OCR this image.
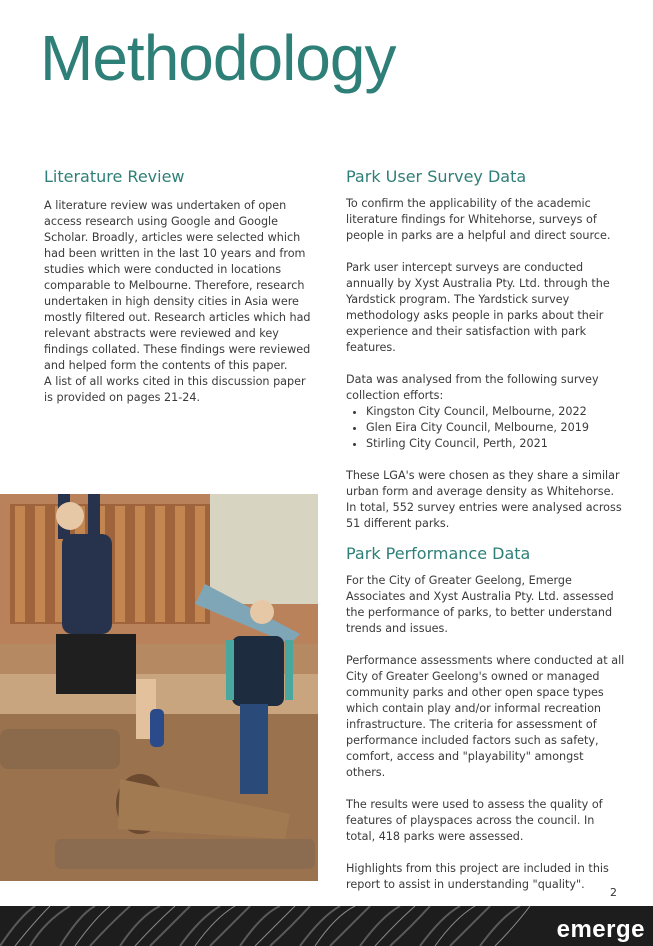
Methodology
Literature Review

A literature review was undertaken of open access research using Google and Google Scholar. Broadly, articles were selected which had been written in the last 10 years and from studies which were conducted in locations comparable to Melbourne. Therefore, research undertaken in high density cities in Asia were mostly filtered out. Research articles which had relevant abstracts were reviewed and key findings collated. These findings were reviewed and helped form the contents of this paper.

A list of all works cited in this discussion paper is provided on pages 21-24.

Park User Survey Data

To confirm the applicability of the academic literature findings for Whitehorse, surveys of people in parks are a helpful and direct source.

Park user intercept surveys are conducted annually by Xyst Australia Pty. Ltd. through the Yardstick program. The Yardstick survey methodology asks people in parks about their experience and their satisfaction with park features.

Data was analysed from the following survey collection efforts:

• Kingston City Council, Melbourne, 2022
• Glen Eira City Council, Melbourne, 2019
• Stirling City Council, Perth, 2021

These LGA's were chosen as they share a similar urban form and average density as Whitehorse. In total, 552 survey entries were analysed across 51 different parks.

Park Performance Data

For the City of Greater Geelong, Emerge Associates and Xyst Australia Pty. Ltd. assessed the performance of parks, to better understand trends and issues.

Performance assessments where conducted at all City of Greater Geelong's owned or managed community parks and other open space types which contain play and/or informal recreation infrastructure. The criteria for assessment of performance included factors such as safety, comfort, access and "playability" amongst others.

The results were used to assess the quality of features of playspaces across the council. In total, 418 parks were assessed.

Highlights from this project are included in this report to assist in understanding "quality".

2
emerge
